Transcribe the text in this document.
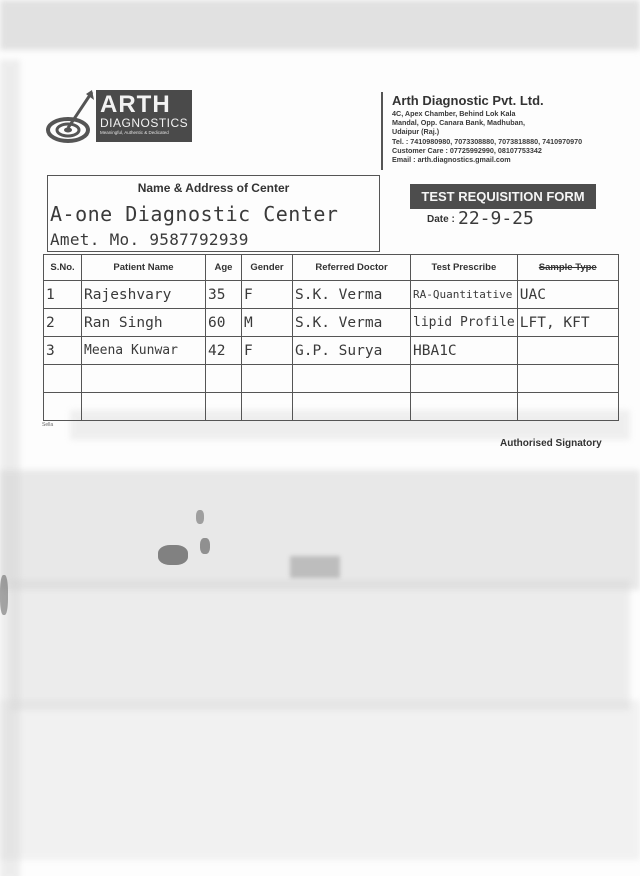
ARTH
DIAGNOSTICS
Meaningful, Authentic & Dedicated
Arth Diagnostic Pvt. Ltd.
4C, Apex Chamber, Behind Lok Kala
Mandal, Opp. Canara Bank, Madhuban,
Udaipur (Raj.)
Tel. : 7410980980, 7073308880, 7073818880, 7410970970
Customer Care : 07725992990, 08107753342
Email : arth.diagnostics.gmail.com
Name & Address of Center
A-one Diagnostic Center
Amet. Mo. 9587792939
TEST REQUISITION FORM
Date : 22-9-25
S.No.	Patient Name	Age	Gender	Referred Doctor	Test Prescribe	Sample Type
1	Rajeshvary	35	F	S.K. Verma	RA-Quantitative	UAC
2	Ran Singh	60	M	S.K. Verma	lipid Profile	LFT, KFT
3	Meena Kunwar	42	F	G.P. Surya	HBA1C	

Sella
Authorised Signatory
